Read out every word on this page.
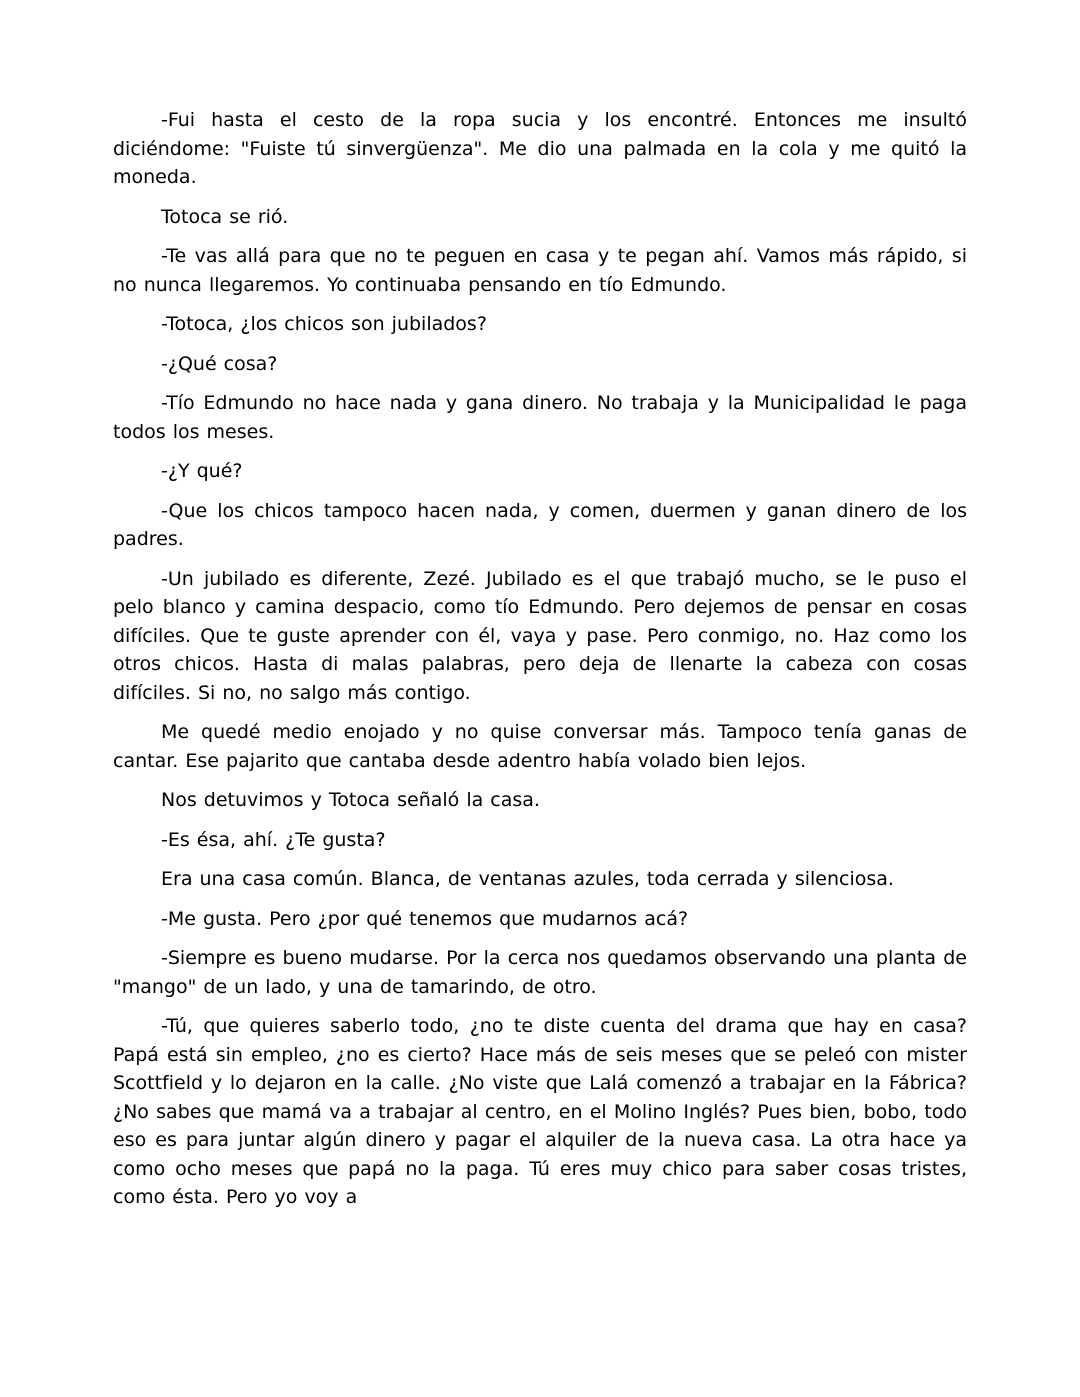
-Fui hasta el cesto de la ropa sucia y los encontré. Entonces me insultó diciéndome: "Fuiste tú sinvergüenza". Me dio una palmada en la cola y me quitó la moneda.

Totoca se rió.

-Te vas allá para que no te peguen en casa y te pegan ahí. Vamos más rápido, si no nunca llegaremos. Yo continuaba pensando en tío Edmundo.

-Totoca, ¿los chicos son jubilados?

-¿Qué cosa?

-Tío Edmundo no hace nada y gana dinero. No trabaja y la Municipalidad le paga todos los meses.

-¿Y qué?

-Que los chicos tampoco hacen nada, y comen, duermen y ganan dinero de los padres.

-Un jubilado es diferente, Zezé. Jubilado es el que trabajó mucho, se le puso el pelo blanco y camina despacio, como tío Edmundo. Pero dejemos de pensar en cosas difíciles. Que te guste aprender con él, vaya y pase. Pero conmigo, no. Haz como los otros chicos. Hasta di malas palabras, pero deja de llenarte la cabeza con cosas difíciles. Si no, no salgo más contigo.

Me quedé medio enojado y no quise conversar más. Tampoco tenía ganas de cantar. Ese pajarito que cantaba desde adentro había volado bien lejos.

Nos detuvimos y Totoca señaló la casa.

-Es ésa, ahí. ¿Te gusta?

Era una casa común. Blanca, de ventanas azules, toda cerrada y silenciosa.

-Me gusta. Pero ¿por qué tenemos que mudarnos acá?

-Siempre es bueno mudarse. Por la cerca nos quedamos observando una planta de "mango" de un lado, y una de tamarindo, de otro.

-Tú, que quieres saberlo todo, ¿no te diste cuenta del drama que hay en casa? Papá está sin empleo, ¿no es cierto? Hace más de seis meses que se peleó con mister Scottfield y lo dejaron en la calle. ¿No viste que Lalá comenzó a trabajar en la Fábrica? ¿No sabes que mamá va a trabajar al centro, en el Molino Inglés? Pues bien, bobo, todo eso es para juntar algún dinero y pagar el alquiler de la nueva casa. La otra hace ya como ocho meses que papá no la paga. Tú eres muy chico para saber cosas tristes, como ésta. Pero yo voy a
